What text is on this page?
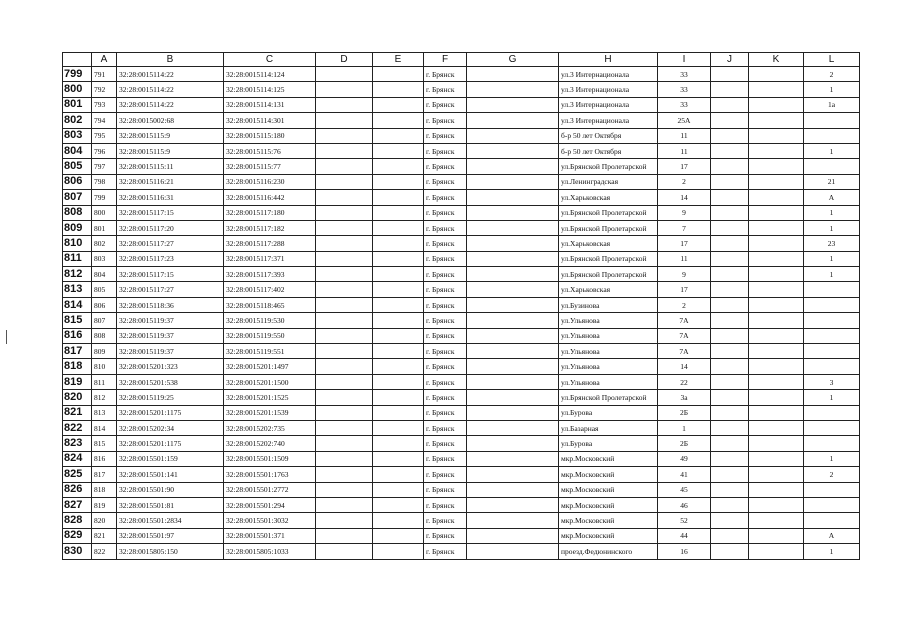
	A	B	C	D	E	F	G	H	I	J	K	L
799	791	32:28:0015114:22	32:28:0015114:124			г. Брянск		ул.3 Интернационала	33			2
800	792	32:28:0015114:22	32:28:0015114:125			г. Брянск		ул.3 Интернационала	33			1
801	793	32:28:0015114:22	32:28:0015114:131			г. Брянск		ул.3 Интернационала	33			1а
802	794	32:28:0015002:68	32:28:0015114:301			г. Брянск		ул.3 Интернационала	25А			
803	795	32:28:0015115:9	32:28:0015115:180			г. Брянск		б-р 50 лет Октября	11			
804	796	32:28:0015115:9	32:28:0015115:76			г. Брянск		б-р 50 лет Октября	11			1
805	797	32:28:0015115:11	32:28:0015115:77			г. Брянск		ул.Брянской Пролетарской	17			
806	798	32:28:0015116:21	32:28:0015116:230			г. Брянск		ул.Ленинградская	2			21
807	799	32:28:0015116:31	32:28:0015116:442			г. Брянск		ул.Харьковская	14			А
808	800	32:28:0015117:15	32:28:0015117:180			г. Брянск		ул.Брянской Пролетарской	9			1
809	801	32:28:0015117:20	32:28:0015117:182			г. Брянск		ул.Брянской Пролетарской	7			1
810	802	32:28:0015117:27	32:28:0015117:288			г. Брянск		ул.Харьковская	17			23
811	803	32:28:0015117:23	32:28:0015117:371			г. Брянск		ул.Брянской Пролетарской	11			1
812	804	32:28:0015117:15	32:28:0015117:393			г. Брянск		ул.Брянской Пролетарской	9			1
813	805	32:28:0015117:27	32:28:0015117:402			г. Брянск		ул.Харьковская	17			
814	806	32:28:0015118:36	32:28:0015118:465			г. Брянск		ул.Бузинова	2			
815	807	32:28:0015119:37	32:28:0015119:530			г. Брянск		ул.Ульянова	7А			
816	808	32:28:0015119:37	32:28:0015119:550			г. Брянск		ул.Ульянова	7А			
817	809	32:28:0015119:37	32:28:0015119:551			г. Брянск		ул.Ульянова	7А			
818	810	32:28:0015201:323	32:28:0015201:1497			г. Брянск		ул.Ульянова	14			
819	811	32:28:0015201:538	32:28:0015201:1500			г. Брянск		ул.Ульянова	22			3
820	812	32:28:0015119:25	32:28:0015201:1525			г. Брянск		ул.Брянской Пролетарской	3а			1
821	813	32:28:0015201:1175	32:28:0015201:1539			г. Брянск		ул.Бурова	2Б			
822	814	32:28:0015202:34	32:28:0015202:735			г. Брянск		ул.Базарная	1			
823	815	32:28:0015201:1175	32:28:0015202:740			г. Брянск		ул.Бурова	2Б			
824	816	32:28:0015501:159	32:28:0015501:1509			г. Брянск		мкр.Московский	49			1
825	817	32:28:0015501:141	32:28:0015501:1763			г. Брянск		мкр.Московский	41			2
826	818	32:28:0015501:90	32:28:0015501:2772			г. Брянск		мкр.Московский	45			
827	819	32:28:0015501:81	32:28:0015501:294			г. Брянск		мкр.Московский	46			
828	820	32:28:0015501:2834	32:28:0015501:3032			г. Брянск		мкр.Московский	52			
829	821	32:28:0015501:97	32:28:0015501:371			г. Брянск		мкр.Московский	44			А
830	822	32:28:0015805:150	32:28:0015805:1033			г. Брянск		проезд.Федюнинского	16			1
